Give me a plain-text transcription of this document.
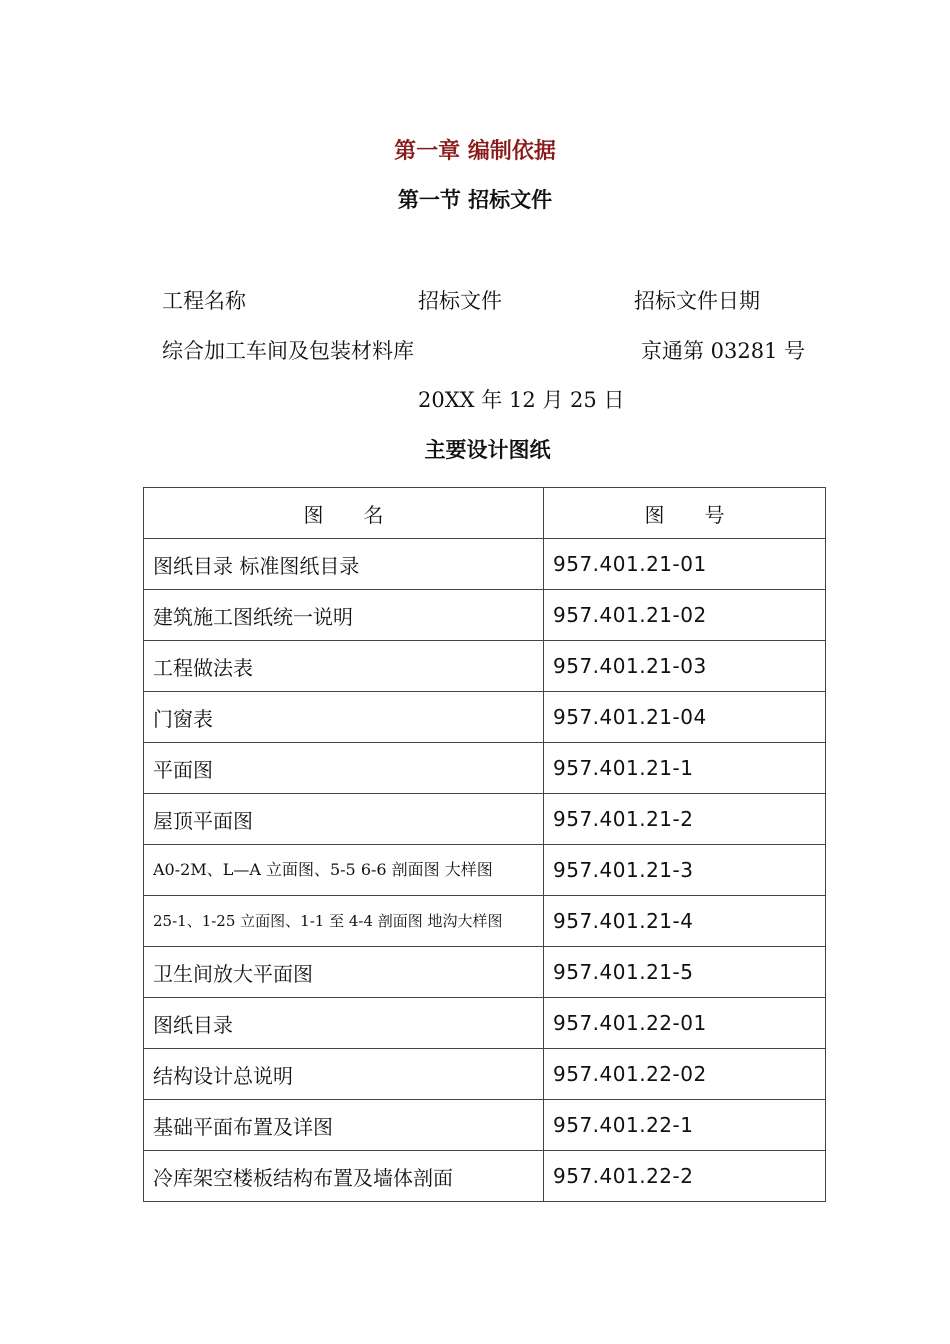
第一章 编制依据
第一节 招标文件
工程名称	招标文件	招标文件日期
综合加工车间及包装材料库	京通第 03281 号
20XX 年 12 月 25 日
主要设计图纸
图　　名	图　　号
图纸目录 标准图纸目录	957.401.21-01
建筑施工图纸统一说明	957.401.21-02
工程做法表	957.401.21-03
门窗表	957.401.21-04
平面图	957.401.21-1
屋顶平面图	957.401.21-2
A0-2M、L—A 立面图、5-5 6-6 剖面图 大样图	957.401.21-3
25-1、1-25 立面图、1-1 至 4-4 剖面图 地沟大样图	957.401.21-4
卫生间放大平面图	957.401.21-5
图纸目录	957.401.22-01
结构设计总说明	957.401.22-02
基础平面布置及详图	957.401.22-1
冷库架空楼板结构布置及墙体剖面	957.401.22-2
